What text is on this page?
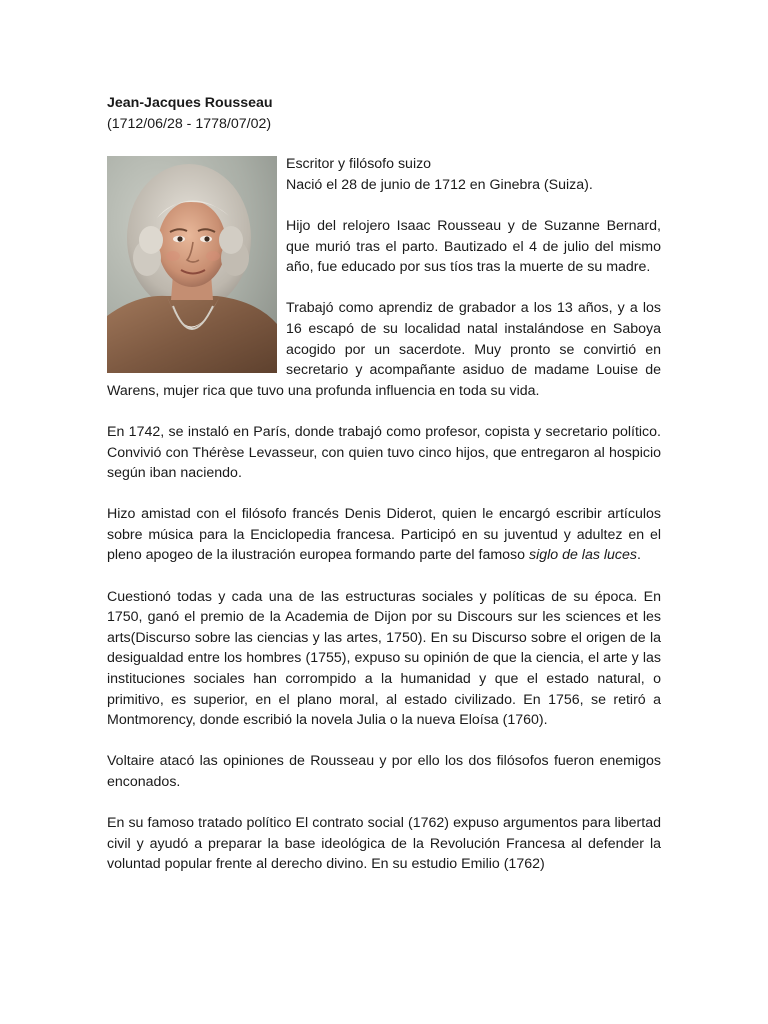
Jean-Jacques Rousseau
(1712/06/28 - 1778/07/02)

Escritor y filósofo suizo

Nació el 28 de junio de 1712 en Ginebra (Suiza).

Hijo del relojero Isaac Rousseau y de Suzanne Bernard, que murió tras el parto. Bautizado el 4 de julio del mismo año, fue educado por sus tíos tras la muerte de su madre.

Trabajó como aprendiz de grabador a los 13 años, y a los 16 escapó de su localidad natal instalándose en Saboya acogido por un sacerdote. Muy pronto se convirtió en secretario y acompañante asiduo de madame Louise de Warens, mujer rica que tuvo una profunda influencia en toda su vida.

En 1742, se instaló en París, donde trabajó como profesor, copista y secretario político. Convivió con Thérèse Levasseur, con quien tuvo cinco hijos, que entregaron al hospicio según iban naciendo.

Hizo amistad con el filósofo francés Denis Diderot, quien le encargó escribir artículos sobre música para la Enciclopedia francesa. Participó en su juventud y adultez en el pleno apogeo de la ilustración europea formando parte del famoso siglo de las luces.

Cuestionó todas y cada una de las estructuras sociales y políticas de su época. En 1750, ganó el premio de la Academia de Dijon por su Discours sur les sciences et les arts(Discurso sobre las ciencias y las artes, 1750). En su Discurso sobre el origen de la desigualdad entre los hombres (1755), expuso su opinión de que la ciencia, el arte y las instituciones sociales han corrompido a la humanidad y que el estado natural, o primitivo, es superior, en el plano moral, al estado civilizado. En 1756, se retiró a Montmorency, donde escribió la novela Julia o la nueva Eloísa (1760).

Voltaire atacó las opiniones de Rousseau y por ello los dos filósofos fueron enemigos enconados.

En su famoso tratado político El contrato social (1762) expuso argumentos para libertad civil y ayudó a preparar la base ideológica de la Revolución Francesa al defender la voluntad popular frente al derecho divino. En su estudio Emilio (1762)
